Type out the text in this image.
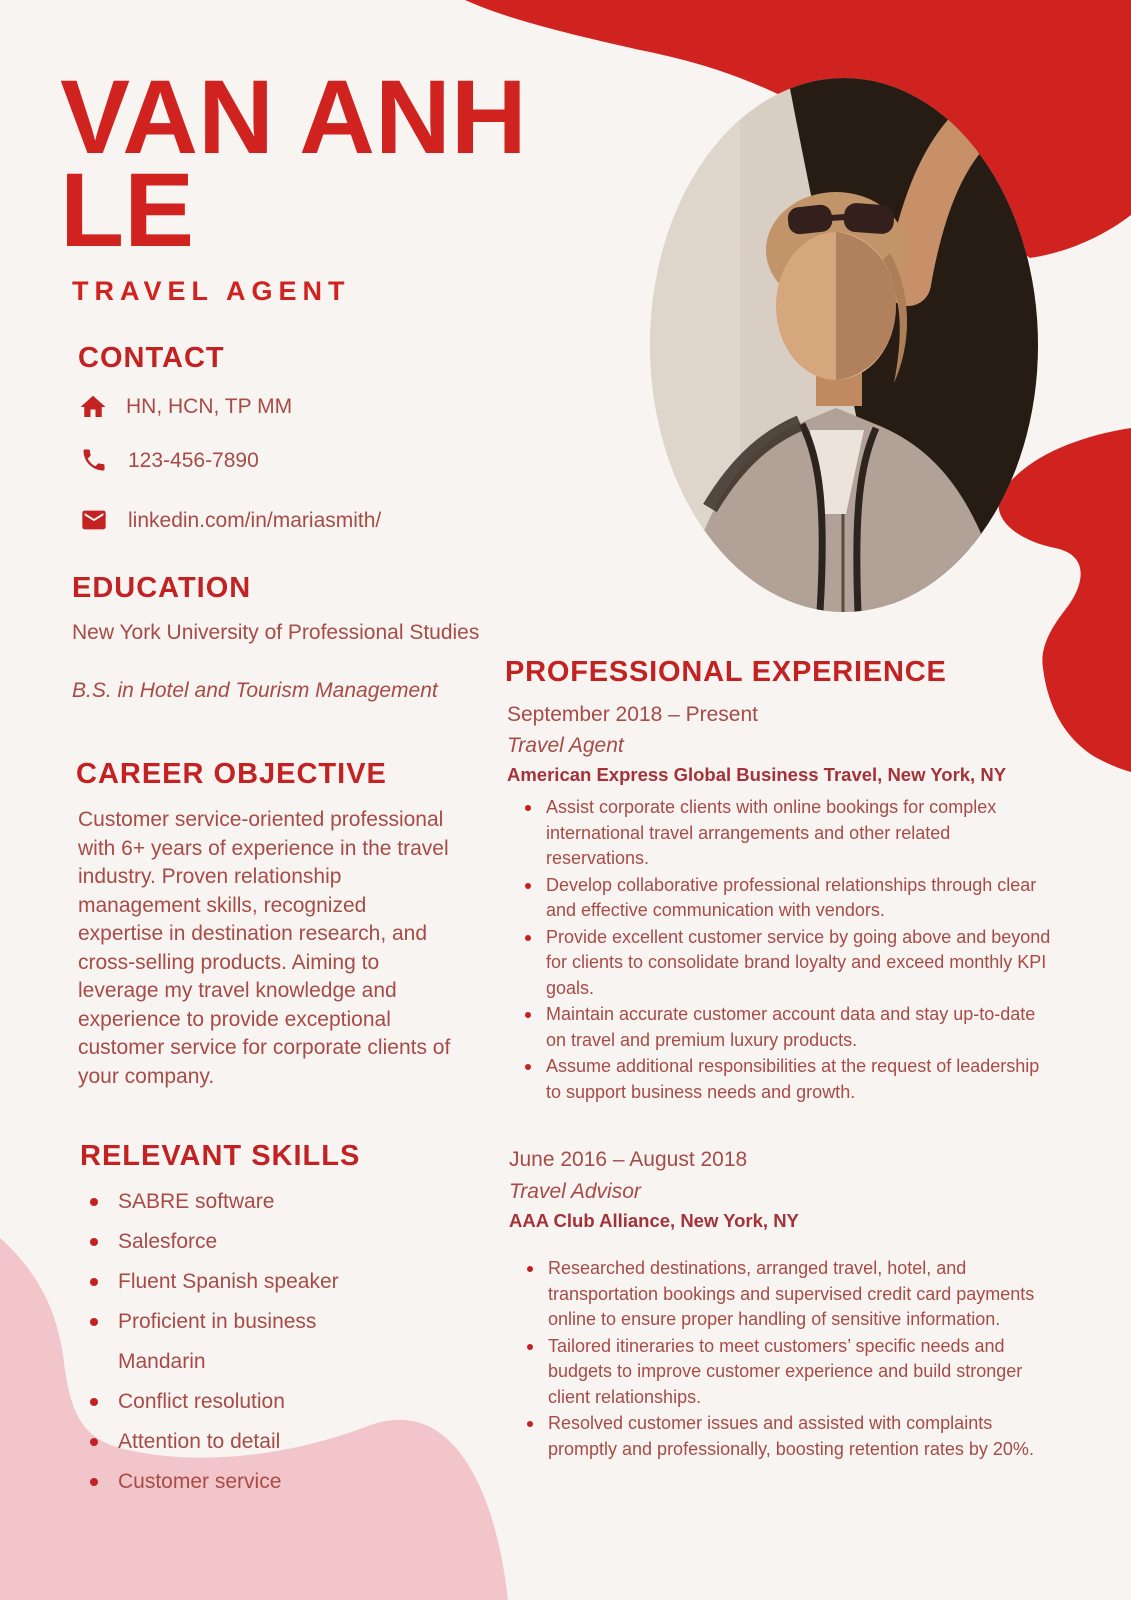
VAN ANH
LE
TRAVEL AGENT
CONTACT
HN, HCN, TP MM
123-456-7890
linkedin.com/in/mariasmith/
EDUCATION
New York University of Professional Studies
B.S. in Hotel and Tourism Management
CAREER OBJECTIVE
Customer service-oriented professional with 6+ years of experience in the travel industry. Proven relationship management skills, recognized expertise in destination research, and cross-selling products. Aiming to leverage my travel knowledge and experience to provide exceptional customer service for corporate clients of your company.
RELEVANT SKILLS
SABRE software
Salesforce
Fluent Spanish speaker
Proficient in business Mandarin
Conflict resolution
Attention to detail
Customer service
PROFESSIONAL EXPERIENCE
September 2018 – Present
Travel Agent
American Express Global Business Travel, New York, NY
Assist corporate clients with online bookings for complex international travel arrangements and other related reservations.
Develop collaborative professional relationships through clear and effective communication with vendors.
Provide excellent customer service by going above and beyond for clients to consolidate brand loyalty and exceed monthly KPI goals.
Maintain accurate customer account data and stay up-to-date on travel and premium luxury products.
Assume additional responsibilities at the request of leadership to support business needs and growth.
June 2016 – August 2018
Travel Advisor
AAA Club Alliance, New York, NY
Researched destinations, arranged travel, hotel, and transportation bookings and supervised credit card payments online to ensure proper handling of sensitive information.
Tailored itineraries to meet customers’ specific needs and budgets to improve customer experience and build stronger client relationships.
Resolved customer issues and assisted with complaints promptly and professionally, boosting retention rates by 20%.
